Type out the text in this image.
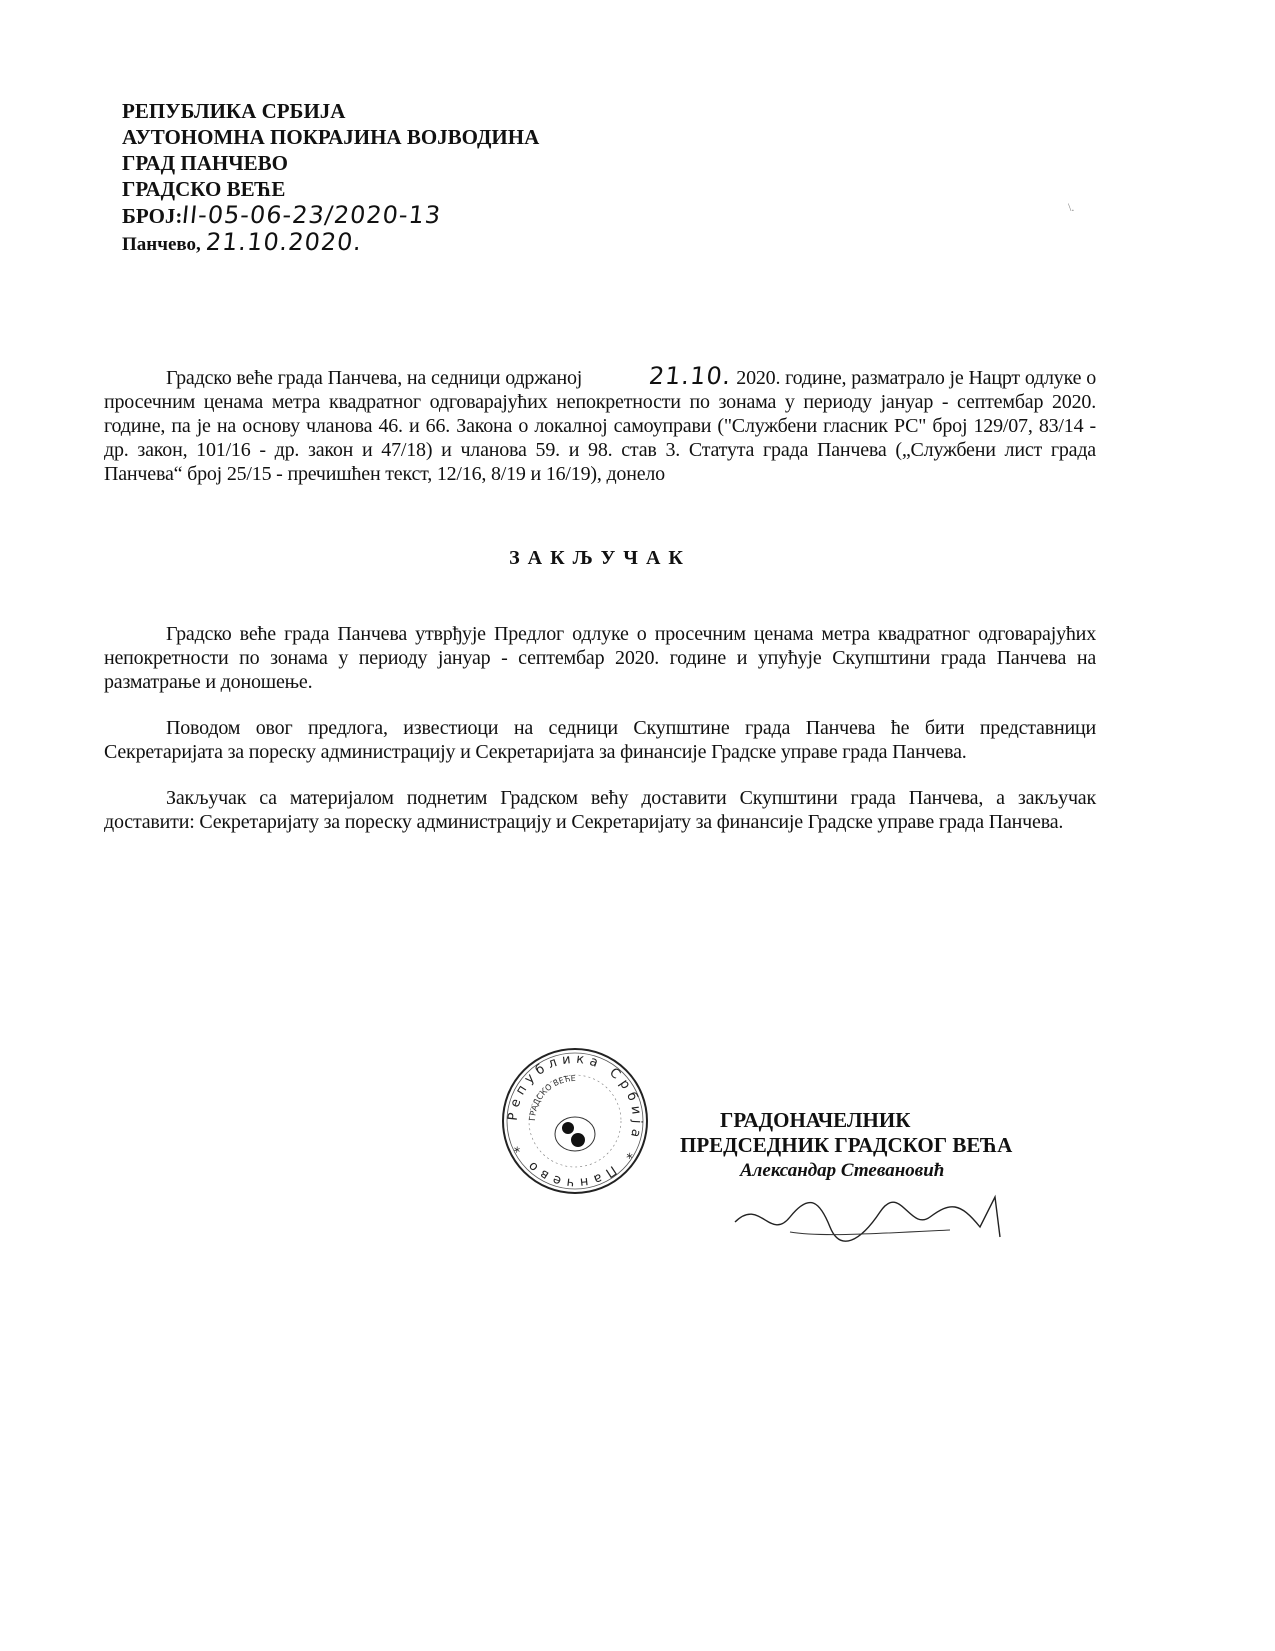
РЕПУБЛИКА СРБИЈА
АУТОНОМНА ПОКРАЈИНА ВОЈВОДИНА
ГРАД ПАНЧЕВО
ГРАДСКО ВЕЋЕ
БРОЈ:II-05-06-23/2020-13
Панчево, 21.10.2020.
\.
Градско веће града Панчева, на седници одржаној	21.10. 2020. године, разматрало је Нацрт одлуке о просечним ценама метра квадратног одговарајућих непокретности по зонама у периоду јануар - септембар 2020. године, па је на основу чланова 46. и 66. Закона о локалној самоуправи ("Службени гласник РС" број 129/07, 83/14 - др. закон, 101/16 - др. закон и 47/18) и чланова 59. и 98. став 3. Статута града Панчева („Службени лист града Панчева“ број 25/15 - пречишћен текст, 12/16, 8/19 и 16/19), донело
ЗАКЉУЧАК
Градско веће града Панчева утврђује Предлог одлуке о просечним ценама метра квадратног одговарајућих непокретности по зонама у периоду јануар - септембар 2020. године и упућује Скупштини града Панчева на разматрање и доношење.
Поводом овог предлога, известиоци на седници Скупштине града Панчева ће бити представници Секретаријата за пореску администрацију и Секретаријата за финансије Градске управе града Панчева.
Закључак са материјалом поднетим Градском већу доставити Скупштини града Панчева, а закључак доставити: Секретаријату за пореску администрацију и Секретаријату за финансије Градске управе града Панчева.
Република Србија * Панчево *
ГРАДСКО ВЕЋЕ
ГРАДОНАЧЕЛНИК
ПРЕДСЕДНИК ГРАДСКОГ ВЕЋА
Александар Стевановић
